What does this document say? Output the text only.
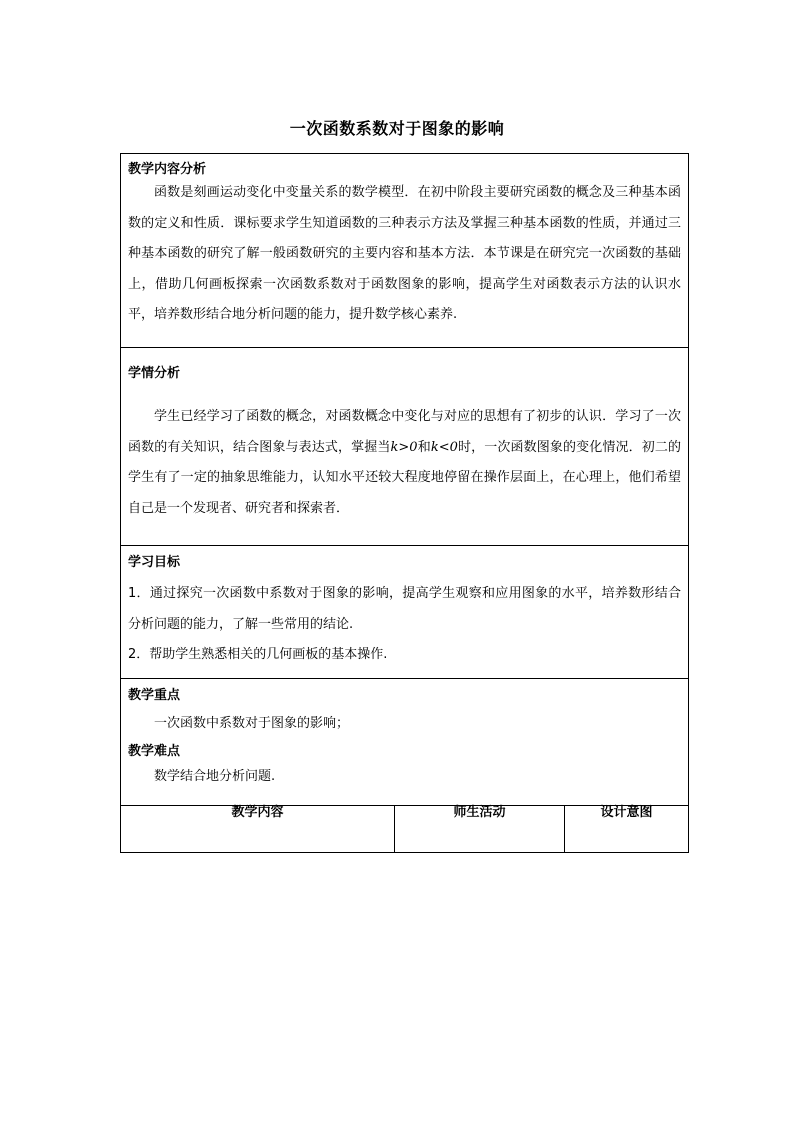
一次函数系数对于图象的影响
教学内容分析
函数是刻画运动变化中变量关系的数学模型．在初中阶段主要研究函数的概念及三种基本函数的定义和性质．课标要求学生知道函数的三种表示方法及掌握三种基本函数的性质，并通过三种基本函数的研究了解一般函数研究的主要内容和基本方法．本节课是在研究完一次函数的基础上，借助几何画板探索一次函数系数对于函数图象的影响，提高学生对函数表示方法的认识水平，培养数形结合地分析问题的能力，提升数学核心素养.

学情分析
学生已经学习了函数的概念，对函数概念中变化与对应的思想有了初步的认识．学习了一次函数的有关知识，结合图象与表达式，掌握当k>0和k<0时，一次函数图象的变化情况．初二的学生有了一定的抽象思维能力，认知水平还较大程度地停留在操作层面上，在心理上，他们希望自己是一个发现者、研究者和探索者．

学习目标
1．通过探究一次函数中系数对于图象的影响，提高学生观察和应用图象的水平，培养数形结合分析问题的能力，了解一些常用的结论.
2．帮助学生熟悉相关的几何画板的基本操作.

教学重点
一次函数中系数对于图象的影响；
教学难点
数学结合地分析问题.

教学内容	师生活动	设计意图
